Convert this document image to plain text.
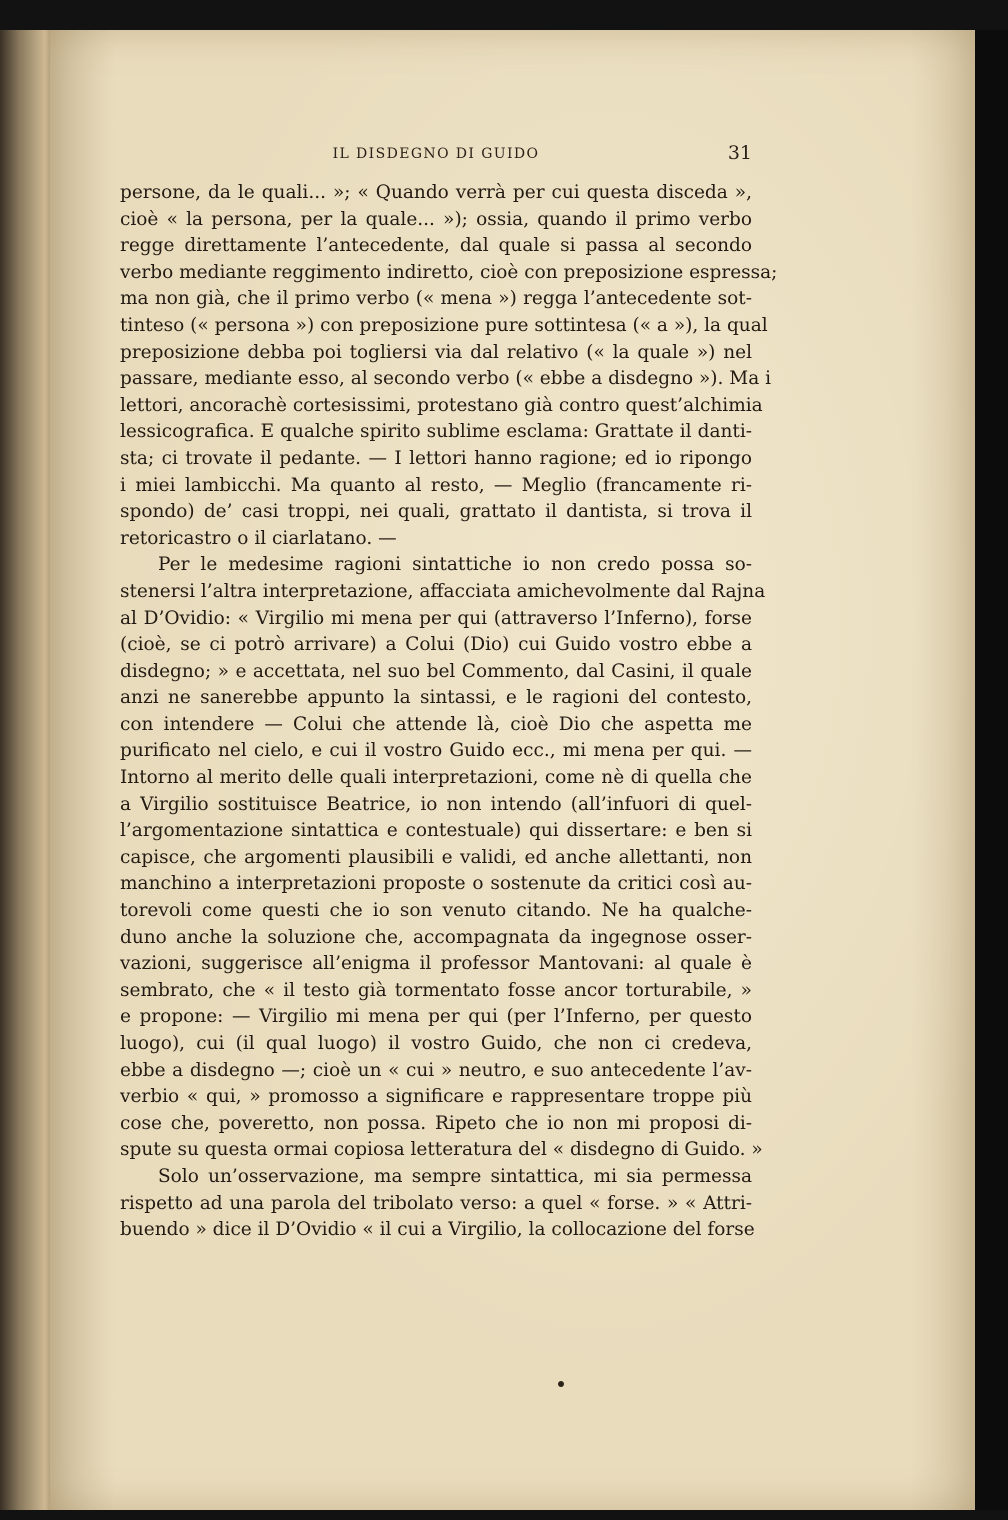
IL DISDEGNO DI GUIDO	31
persone, da le quali... »; « Quando verrà per cui questa disceda »,
cioè « la persona, per la quale... »); ossia, quando il primo verbo
regge direttamente l’antecedente, dal quale si passa al secondo
verbo mediante reggimento indiretto, cioè con preposizione espressa;
ma non già, che il primo verbo (« mena ») regga l’antecedente sot-
tinteso (« persona ») con preposizione pure sottintesa (« a »), la qual
preposizione debba poi togliersi via dal relativo (« la quale ») nel
passare, mediante esso, al secondo verbo (« ebbe a disdegno »). Ma i
lettori, ancorachè cortesissimi, protestano già contro quest’alchimia
lessicografica. E qualche spirito sublime esclama: Grattate il danti-
sta; ci trovate il pedante. — I lettori hanno ragione; ed io ripongo
i miei lambicchi. Ma quanto al resto, — Meglio (francamente ri-
spondo) de’ casi troppi, nei quali, grattato il dantista, si trova il
retoricastro o il ciarlatano. —
Per le medesime ragioni sintattiche io non credo possa so-
stenersi l’altra interpretazione, affacciata amichevolmente dal Rajna
al D’Ovidio: « Virgilio mi mena per qui (attraverso l’Inferno), forse
(cioè, se ci potrò arrivare) a Colui (Dio) cui Guido vostro ebbe a
disdegno; » e accettata, nel suo bel Commento, dal Casini, il quale
anzi ne sanerebbe appunto la sintassi, e le ragioni del contesto,
con intendere — Colui che attende là, cioè Dio che aspetta me
purificato nel cielo, e cui il vostro Guido ecc., mi mena per qui. —
Intorno al merito delle quali interpretazioni, come nè di quella che
a Virgilio sostituisce Beatrice, io non intendo (all’infuori di quel-
l’argomentazione sintattica e contestuale) qui dissertare: e ben si
capisce, che argomenti plausibili e validi, ed anche allettanti, non
manchino a interpretazioni proposte o sostenute da critici così au-
torevoli come questi che io son venuto citando. Ne ha qualche-
duno anche la soluzione che, accompagnata da ingegnose osser-
vazioni, suggerisce all’enigma il professor Mantovani: al quale è
sembrato, che « il testo già tormentato fosse ancor torturabile, »
e propone: — Virgilio mi mena per qui (per l’Inferno, per questo
luogo), cui (il qual luogo) il vostro Guido, che non ci credeva,
ebbe a disdegno —; cioè un « cui » neutro, e suo antecedente l’av-
verbio « qui, » promosso a significare e rappresentare troppe più
cose che, poveretto, non possa. Ripeto che io non mi proposi di-
spute su questa ormai copiosa letteratura del « disdegno di Guido. »
Solo un’osservazione, ma sempre sintattica, mi sia permessa
rispetto ad una parola del tribolato verso: a quel « forse. » « Attri-
buendo » dice il D’Ovidio « il cui a Virgilio, la collocazione del forse
